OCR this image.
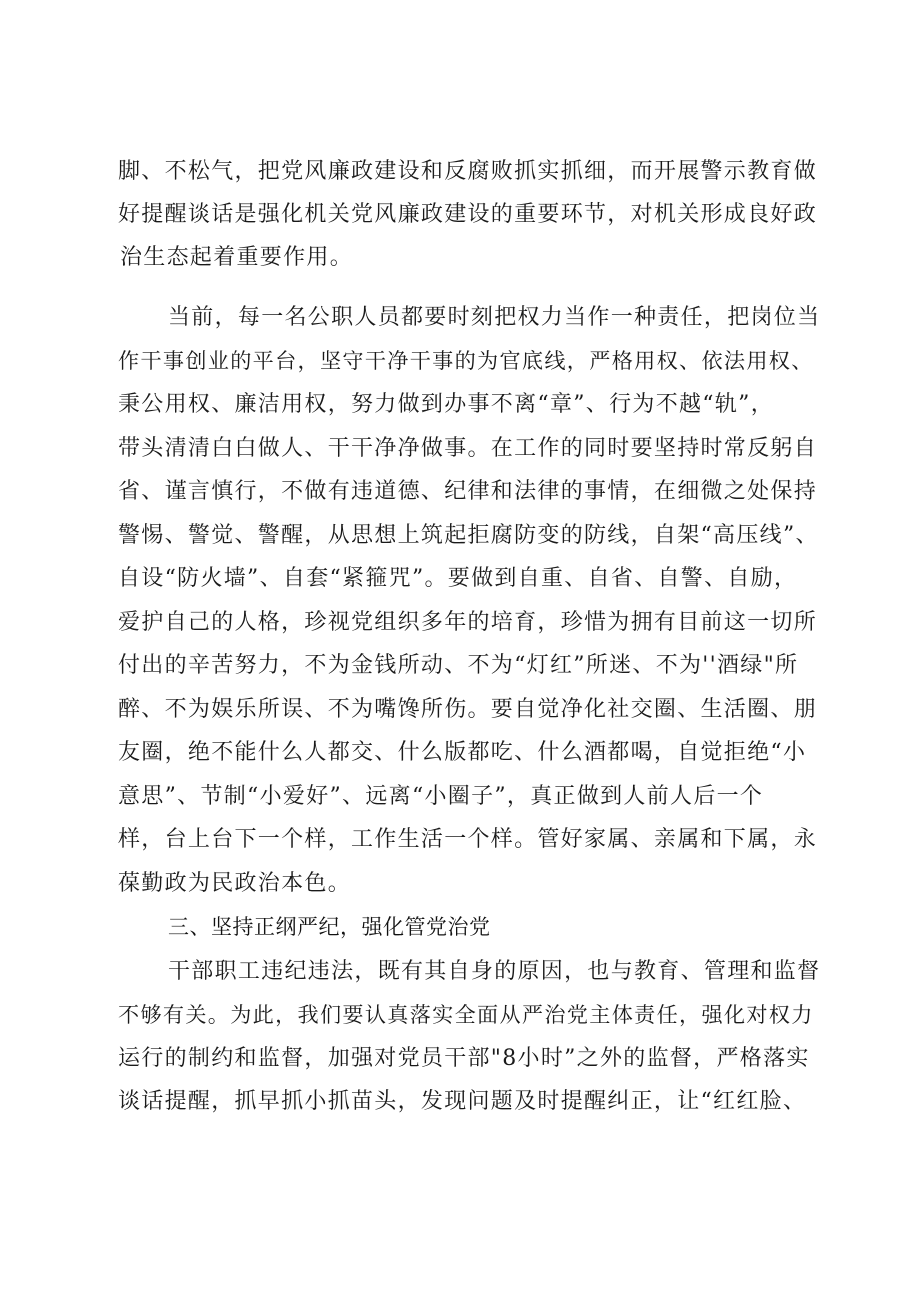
脚、不松气，把党风廉政建设和反腐败抓实抓细，而开展警示教育做
好提醒谈话是强化机关党风廉政建设的重要环节，对机关形成良好政
治生态起着重要作用。
当前，每一名公职人员都要时刻把权力当作一种责任，把岗位当
作干事创业的平台，坚守干净干事的为官底线，严格用权、依法用权、
秉公用权、廉洁用权，努力做到办事不离“章”、行为不越“轨”，
带头清清白白做人、干干净净做事。在工作的同时要坚持时常反躬自
省、谨言慎行，不做有违道德、纪律和法律的事情，在细微之处保持
警惕、警觉、警醒，从思想上筑起拒腐防变的防线，自架“高压线”、
自设“防火墙”、自套“紧箍咒”。要做到自重、自省、自警、自励，
爱护自己的人格，珍视党组织多年的培育，珍惜为拥有目前这一切所
付出的辛苦努力，不为金钱所动、不为“灯红”所迷、不为''酒绿"所
醉、不为娱乐所误、不为嘴馋所伤。要自觉净化社交圈、生活圈、朋
友圈，绝不能什么人都交、什么版都吃、什么酒都喝，自觉拒绝“小
意思”、节制“小爱好”、远离“小圈子”，真正做到人前人后一个
样，台上台下一个样，工作生活一个样。管好家属、亲属和下属，永
葆勤政为民政治本色。
三、坚持正纲严纪，强化管党治党
干部职工违纪违法，既有其自身的原因，也与教育、管理和监督
不够有关。为此，我们要认真落实全面从严治党主体责任，强化对权力
运行的制约和监督，加强对党员干部"8小时”之外的监督，严格落实
谈话提醒，抓早抓小抓苗头，发现问题及时提醒纠正，让“红红脸、
